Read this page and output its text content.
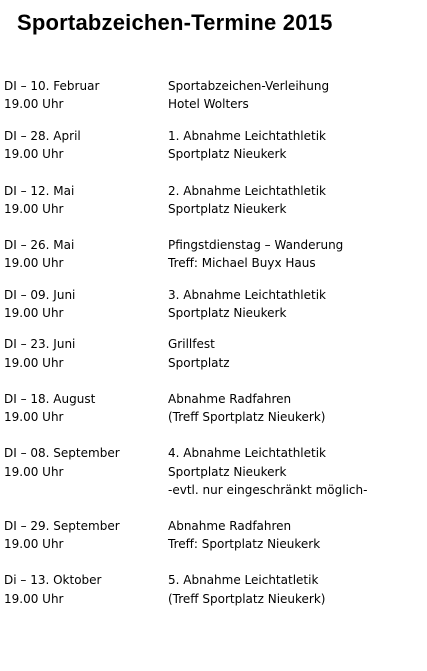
Sportabzeichen-Termine 2015
DI – 10. Februar
19.00 Uhr
Sportabzeichen-Verleihung
Hotel Wolters
DI – 28. April
19.00 Uhr
1. Abnahme Leichtathletik
Sportplatz Nieukerk
DI – 12. Mai
19.00 Uhr
2. Abnahme Leichtathletik
Sportplatz Nieukerk
DI – 26. Mai
19.00 Uhr
Pfingstdienstag – Wanderung
Treff: Michael Buyx Haus
DI – 09. Juni
19.00 Uhr
3. Abnahme Leichtathletik
Sportplatz Nieukerk
DI – 23. Juni
19.00 Uhr
Grillfest
Sportplatz
DI – 18. August
19.00 Uhr
Abnahme Radfahren
(Treff Sportplatz Nieukerk)
DI – 08. September
19.00 Uhr
4. Abnahme Leichtathletik
Sportplatz Nieukerk
-evtl. nur eingeschränkt möglich-
DI – 29. September
19.00 Uhr
Abnahme Radfahren
Treff: Sportplatz Nieukerk
Di – 13. Oktober
19.00 Uhr
5. Abnahme Leichtatletik
(Treff Sportplatz Nieukerk)
